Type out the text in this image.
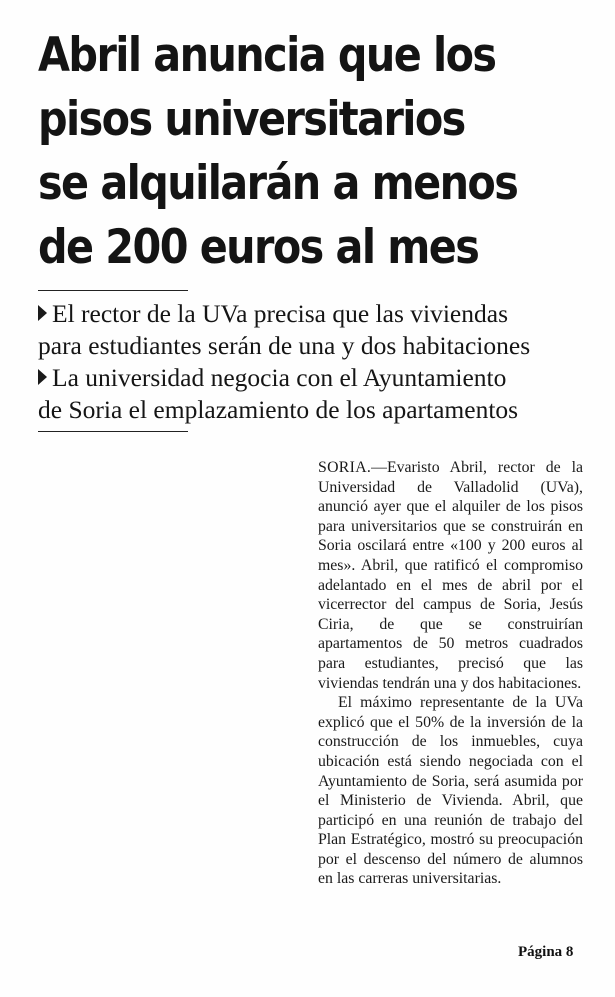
Abril anuncia que los
pisos universitarios
se alquilarán a menos
de 200 euros al mes

El rector de la UVa precisa que las viviendas
para estudiantes serán de una y dos habitaciones

La universidad negocia con el Ayuntamiento
de Soria el emplazamiento de los apartamentos

SORIA.—Evaristo Abril, rector de la Universidad de Valladolid (UVa), anunció ayer que el alquiler de los pisos para universitarios que se construirán en Soria oscilará entre «100 y 200 euros al mes». Abril, que ratificó el compromiso adelantado en el mes de abril por el vicerrector del campus de Soria, Jesús Ciria, de que se construirían apartamentos de 50 metros cuadrados para estudiantes, precisó que las viviendas tendrán una y dos habitaciones.

El máximo representante de la UVa explicó que el 50% de la inversión de la construcción de los inmuebles, cuya ubicación está siendo negociada con el Ayuntamiento de Soria, será asumida por el Ministerio de Vivienda. Abril, que participó en una reunión de trabajo del Plan Estratégico, mostró su preocupación por el descenso del número de alumnos en las carreras universitarias.

Página 8
